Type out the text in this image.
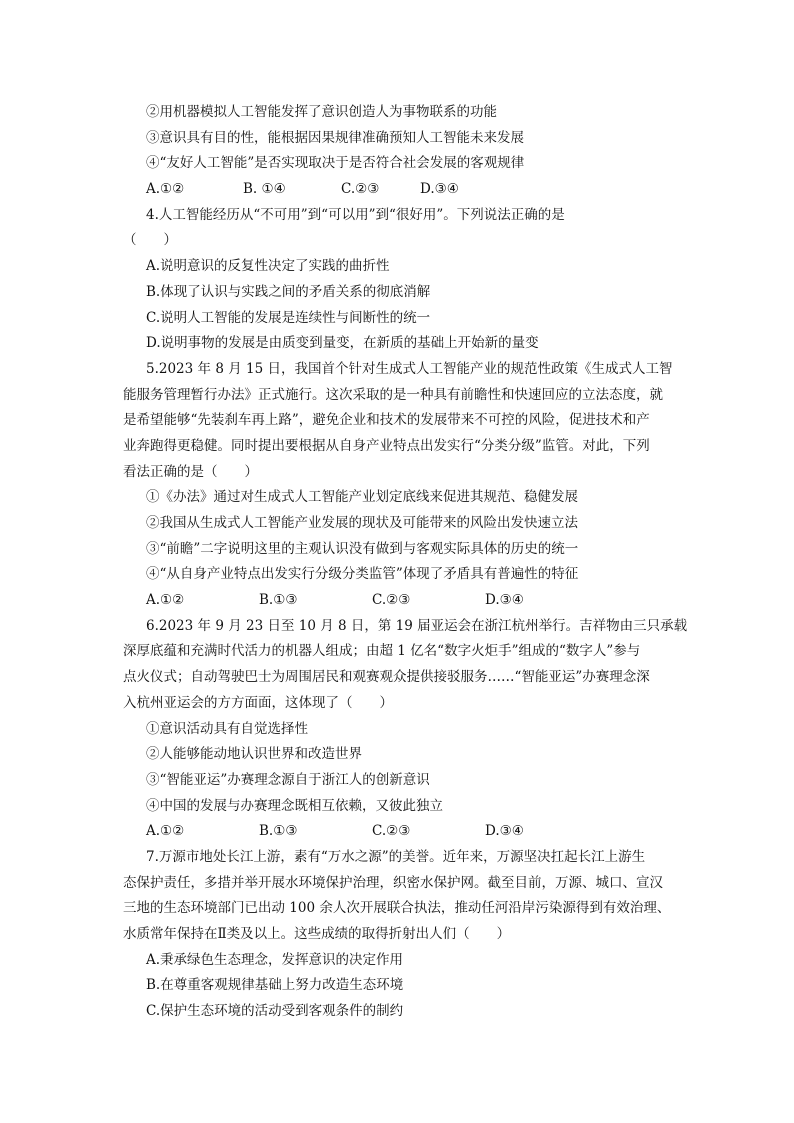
②用机器模拟人工智能发挥了意识创造人为事物联系的功能
③意识具有目的性，能根据因果规律准确预知人工智能未来发展
④“友好人工智能”是否实现取决于是否符合社会发展的客观规律
A.①②	B. ①④	C.②③	D.③④
4.人工智能经历从“不可用”到“可以用”到“很好用”。下列说法正确的是
（　　）
A.说明意识的反复性决定了实践的曲折性
B.体现了认识与实践之间的矛盾关系的彻底消解
C.说明人工智能的发展是连续性与间断性的统一
D.说明事物的发展是由质变到量变，在新质的基础上开始新的量变
5.2023 年 8 月 15 日，我国首个针对生成式人工智能产业的规范性政策《生成式人工智
能服务管理暂行办法》正式施行。这次采取的是一种具有前瞻性和快速回应的立法态度，就
是希望能够“先装刹车再上路”，避免企业和技术的发展带来不可控的风险，促进技术和产
业奔跑得更稳健。同时提出要根据从自身产业特点出发实行“分类分级”监管。对此，下列
看法正确的是（　　）
①《办法》通过对生成式人工智能产业划定底线来促进其规范、稳健发展
②我国从生成式人工智能产业发展的现状及可能带来的风险出发快速立法
③“前瞻”二字说明这里的主观认识没有做到与客观实际具体的历史的统一
④“从自身产业特点出发实行分级分类监管”体现了矛盾具有普遍性的特征
A.①②	B.①③	C.②③	D.③④
6.2023 年 9 月 23 日至 10 月 8 日，第 19 届亚运会在浙江杭州举行。吉祥物由三只承载
深厚底蕴和充满时代活力的机器人组成；由超 1 亿名“数字火炬手”组成的“数字人”参与
点火仪式；自动驾驶巴士为周围居民和观赛观众提供接驳服务……“智能亚运”办赛理念深
入杭州亚运会的方方面面，这体现了（　　）
①意识活动具有自觉选择性
②人能够能动地认识世界和改造世界
③“智能亚运”办赛理念源自于浙江人的创新意识
④中国的发展与办赛理念既相互依赖，又彼此独立
A.①②	B.①③	C.②③	D.③④
7.万源市地处长江上游，素有“万水之源”的美誉。近年来，万源坚决扛起长江上游生
态保护责任，多措并举开展水环境保护治理，织密水保护网。截至目前，万源、城口、宣汉
三地的生态环境部门已出动 100 余人次开展联合执法，推动任河沿岸污染源得到有效治理、
水质常年保持在Ⅱ类及以上。这些成绩的取得折射出人们（　　）
A.秉承绿色生态理念，发挥意识的决定作用
B.在尊重客观规律基础上努力改造生态环境
C.保护生态环境的活动受到客观条件的制约
